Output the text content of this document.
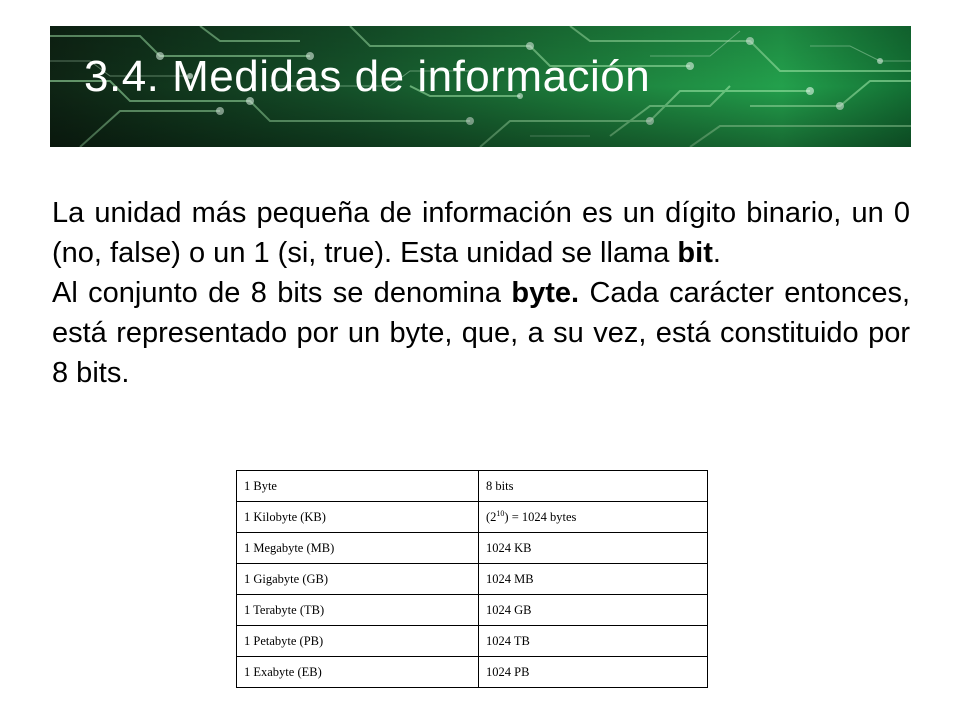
3.4. Medidas de información

La unidad más pequeña de información es un dígito binario, un 0 (no, false) o un 1 (si, true). Esta unidad se llama bit.

Al conjunto de 8 bits se denomina byte. Cada carácter entonces, está representado por un byte, que, a su vez, está constituido por 8 bits.

1 Byte	8 bits
1 Kilobyte (KB)	$(2^{10}) = 1024$ bytes
1 Megabyte (MB)	1024 KB
1 Gigabyte (GB)	1024 MB
1 Terabyte (TB)	1024 GB
1 Petabyte (PB)	1024 TB
1 Exabyte (EB)	1024 PB
